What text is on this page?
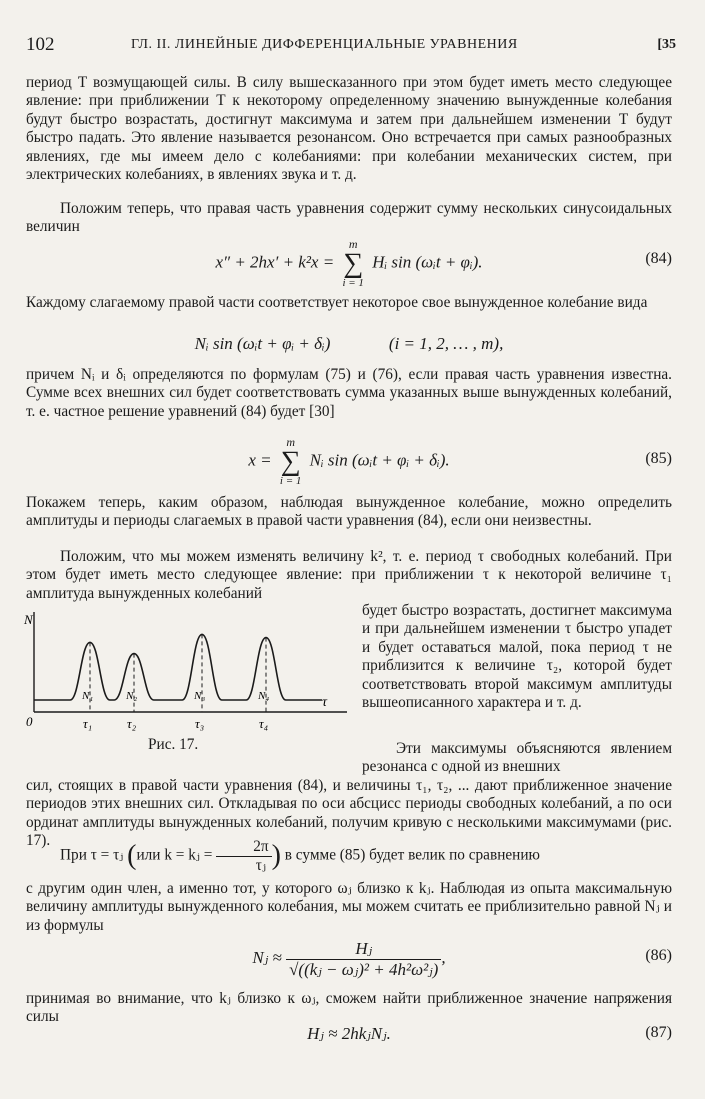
102	ГЛ. II. ЛИНЕЙНЫЕ ДИФФЕРЕНЦИАЛЬНЫЕ УРАВНЕНИЯ	[35

период T возмущающей силы. В силу вышесказанного при этом будет иметь место следующее явление: при приближении T к некоторому определенному значению вынужденные колебания будут быстро возрастать, достигнут максимума и затем при дальнейшем изменении T будут быстро падать. Это явление называется резонансом. Оно встречается при самых разнообразных явлениях, где мы имеем дело с колебаниями: при колебании механических систем, при электрических колебаниях, в явлениях звука и т. д.

Положим теперь, что правая часть уравнения содержит сумму нескольких синусоидальных величин

x″ + 2hx′ + k²x =
m
∑
i = 1
Hᵢ sin (ωᵢt + φᵢ).	(84)

Каждому слагаемому правой части соответствует некоторое свое вынужденное колебание вида

Nᵢ sin (ωᵢt + φᵢ + δᵢ)	(i = 1, 2, … , m),

причем Nᵢ и δᵢ определяются по формулам (75) и (76), если правая часть уравнения известна. Сумме всех внешних сил будет соответствовать сумма указанных выше вынужденных колебаний, т. е. частное решение уравнений (84) будет [30]

x =
m
∑
i = 1
Nᵢ sin (ωᵢt + φᵢ + δᵢ).	(85)

Покажем теперь, каким образом, наблюдая вынужденное колебание, можно определить амплитуды и периоды слагаемых в правой части уравнения (84), если они неизвестны.

Положим, что мы можем изменять величину k², т. е. период τ свободных колебаний. При этом будет иметь место следующее явление: при приближении τ к некоторой величине τ₁ амплитуда вынужденных колебаний

N₁
τ₁
N₂
τ₂
N₃
τ₃
N₄
τ₄
N
τ
0
Рис. 17.

будет быстро возрастать, достигнет максимума и при дальнейшем изменении τ быстро упадет и будет оставаться малой, пока период τ не приблизится к величине τ₂, которой будет соответствовать второй максимум амплитуды вышеописанного характера и т. д.

Эти максимумы объясняются явлением резонанса с одной из внешних

сил, стоящих в правой части уравнения (84), и величины τ₁, τ₂, ... дают приближенное значение периодов этих внешних сил. Откладывая по оси абсцисс периоды свободных колебаний, а по оси ординат амплитуды вынужденных колебаний, получим кривую с несколькими максимумами (рис. 17).

При τ = τⱼ (или k = kⱼ = $\frac{2\pi}{\text{τⱼ}}$ ) в сумме (85) будет велик по сравнению

с другим один член, а именно тот, у которого ωⱼ близко к kⱼ. Наблюдая из опыта максимальную величину амплитуды вынужденного колебания, мы можем считать ее приблизительно равной Nⱼ и из формулы

Nⱼ ≈ $\frac{\text{Hⱼ}}{\text{√((kⱼ − ωⱼ)² + 4h²ω²ⱼ)}}$ ,	(86)

принимая во внимание, что kⱼ близко к ωⱼ, сможем найти приближенное значение напряжения силы

Hⱼ ≈ 2hkⱼNⱼ.	(87)
